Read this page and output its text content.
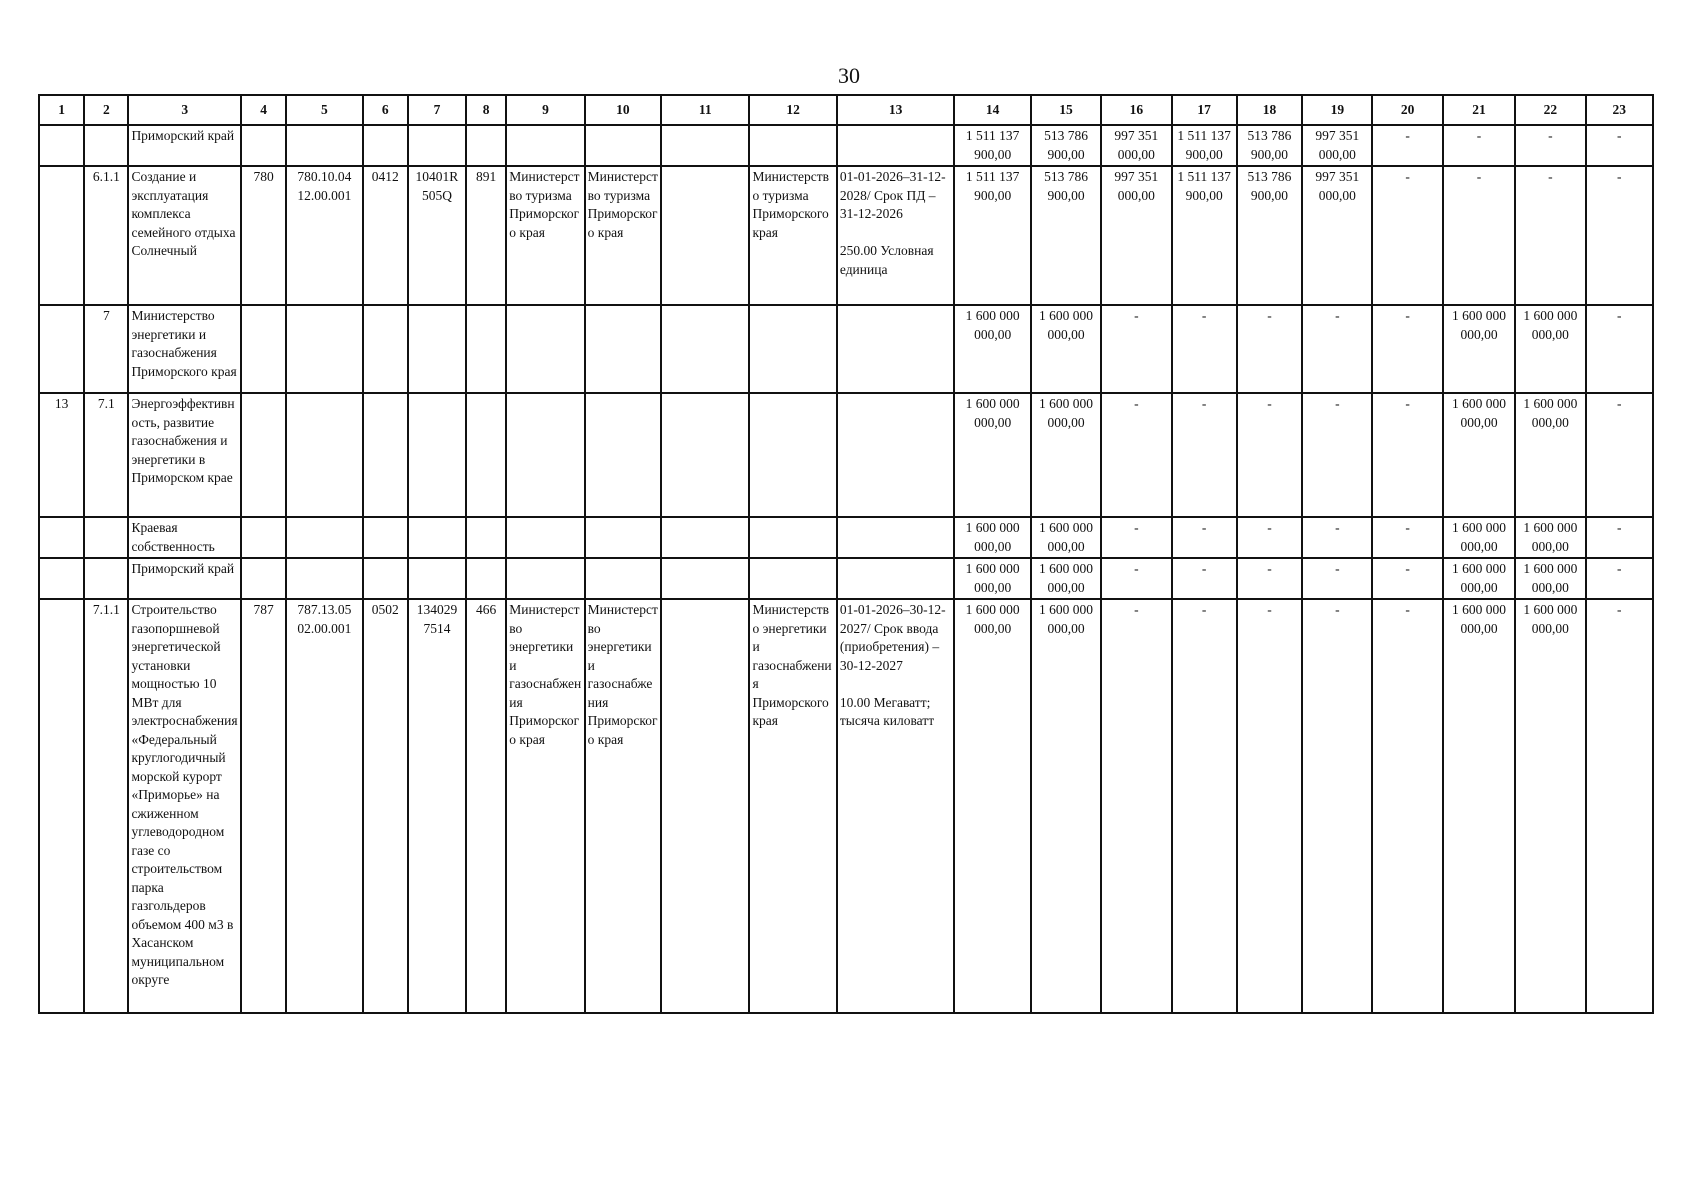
30
1	2	3	4	5	6	7	8	9	10	11	12	13	14	15	16	17	18	19	20	21	22	23
		Приморский край											1 511 137 900,00	513 786 900,00	997 351 000,00	1 511 137 900,00	513 786 900,00	997 351 000,00	-	-	-	-
	6.1.1	Создание и эксплуатация комплекса семейного отдыха Солнечный	780	780.10.04 12.00.001	0412	10401R 505Q	891	Министерство туризма Приморского края	Министерство туризма Приморского края		Министерство туризма Приморского края	01-01-2026–31-12-2028/ Срок ПД –
31-12-2026

250.00 Условная единица	1 511 137 900,00	513 786 900,00	997 351 000,00	1 511 137 900,00	513 786 900,00	997 351 000,00	-	-	-	-
	7	Министерство энергетики и газоснабжения Приморского края											1 600 000 000,00	1 600 000 000,00	-	-	-	-	-	1 600 000 000,00	1 600 000 000,00	-
13	7.1	Энергоэффективность, развитие газоснабжения и энергетики в Приморском крае											1 600 000 000,00	1 600 000 000,00	-	-	-	-	-	1 600 000 000,00	1 600 000 000,00	-
		Краевая собственность											1 600 000 000,00	1 600 000 000,00	-	-	-	-	-	1 600 000 000,00	1 600 000 000,00	-
		Приморский край											1 600 000 000,00	1 600 000 000,00	-	-	-	-	-	1 600 000 000,00	1 600 000 000,00	-
	7.1.1	Строительство газопоршневой энергетической установки мощностью 10 МВт для электроснабжения «Федеральный круглогодичный морской курорт «Приморье» на сжиженном углеводородном газе со строительством парка газгольдеров объемом 400 м3 в Хасанском муниципальном округе	787	787.13.05 02.00.001	0502	134029 7514	466	Министерство энергетики и газоснабжения Приморского края	Министерство энергетики и газоснабжения Приморского края		Министерство энергетики и газоснабжения Приморского края	01-01-2026–30-12-2027/ Срок ввода (приобретения) – 30-12-2027

10.00 Мегаватт; тысяча киловатт	1 600 000 000,00	1 600 000 000,00	-	-	-	-	-	1 600 000 000,00	1 600 000 000,00	-
